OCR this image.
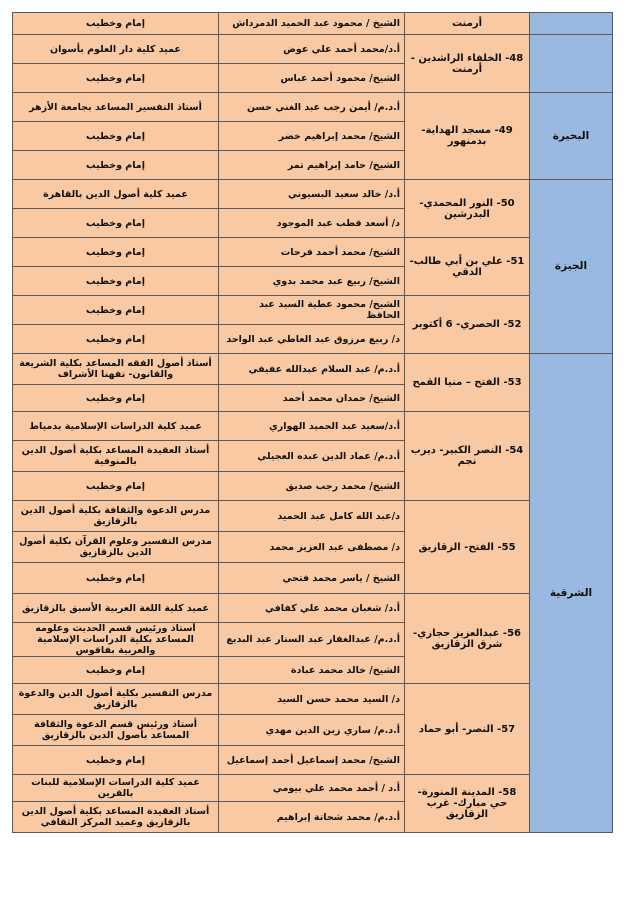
	أرمنت	الشيخ / محمود عبد الحميد الدمرداش	إمام وخطيب
	48- الخلفاء الراشدين - أرمنت	أ.د/محمد أحمد علي عوض	عميد كلية دار العلوم بأسوان
		الشيخ/ محمود أحمد عباس	إمام وخطيب
البحيرة	49- مسجد الهداية- بدمنهور	أ.د.م/ أيمن رجب عبد الغني حسن	أستاذ التفسير المساعد بجامعة الأزهر
		الشيخ/ محمد إبراهيم خضر	إمام وخطيب
		الشيخ/ حامد إبراهيم تمر	إمام وخطيب
الجيزة	50- النور المحمدي- البدرشين	أ.د/ خالد سعيد البسيوني	عميد كلية أصول الدين بالقاهرة
		د/ أسعد قطب عبد الموجود	إمام وخطيب
	51- علي بن أبي طالب- الدقي	الشيخ/ محمد أحمد فرحات	إمام وخطيب
		الشيخ/ ربيع عبد محمد بدوي	إمام وخطيب
	52- الحصري- 6 أكتوبر	الشيخ/ محمود عطية السيد عبد الحافظ	إمام وخطيب
		د/ ربيع مرزوق عبد العاطي عبد الواحد	إمام وخطيب
الشرقية	53- الفتح – منيا القمح	أ.د.م/ عبد السلام عبدالله عفيفي	أستاذ أصول الفقه المساعد بكلية الشريعة والقانون- تفهنا الأشراف
		الشيخ/ حمدان محمد أحمد	إمام وخطيب
	54- النصر الكبير- ديرب نجم	أ.د/سعيد عبد الحميد الهواري	عميد كلية الدراسات الإسلامية بدمياط
		أ.د.م/ عماد الدين عبده العجيلي	أستاذ العقيدة المساعد بكلية أصول الدين بالمنوفية
		الشيخ/ محمد رجب صديق	إمام وخطيب
	55- الفتح- الزقازيق	د/عبد الله كامل عبد الحميد	مدرس الدعوة والثقافة بكلية أصول الدين بالزقازيق
		د/ مصطفى عبد العزيز محمد	مدرس التفسير وعلوم القرآن بكلية أصول الدين بالزقازيق
		الشيخ / ياسر محمد فتحي	إمام وخطيب
	56- عبدالعزيز حجازي- شرق الزقازيق	أ.د/ شعبان محمد علي كفافي	عميد كلية اللغة العربية الأسبق بالزقازيق
		أ.د.م/ عبدالغفار عبد الستار عبد البديع	أستاذ ورئيس قسم الحديث وعلومه المساعد بكلية الدراسات الإسلامية والعربية بفاقوس
		الشيخ/ خالد محمد عبادة	إمام وخطيب
	57- النصر- أبو حماد	د/ السيد محمد حسن السيد	مدرس التفسير بكلية أصول الدين والدعوة بالزقازيق
		أ.د.م/ ساري زين الدين مهدي	أستاذ ورئيس قسم الدعوة والثقافة المساعد بأصول الدين بالزقازيق
		الشيخ/ محمد إسماعيل أحمد إسماعيل	إمام وخطيب
	58- المدينة المنورة- حي مبارك- غرب الزقازيق	أ.د / أحمد محمد علي بيومي	عميد كلية الدراسات الإسلامية للبنات بالقرين
		أ.د.م/ محمد شحاتة إبراهيم	أستاذ العقيدة المساعد بكلية أصول الدين بالزقازيق وعميد المركز الثقافي
